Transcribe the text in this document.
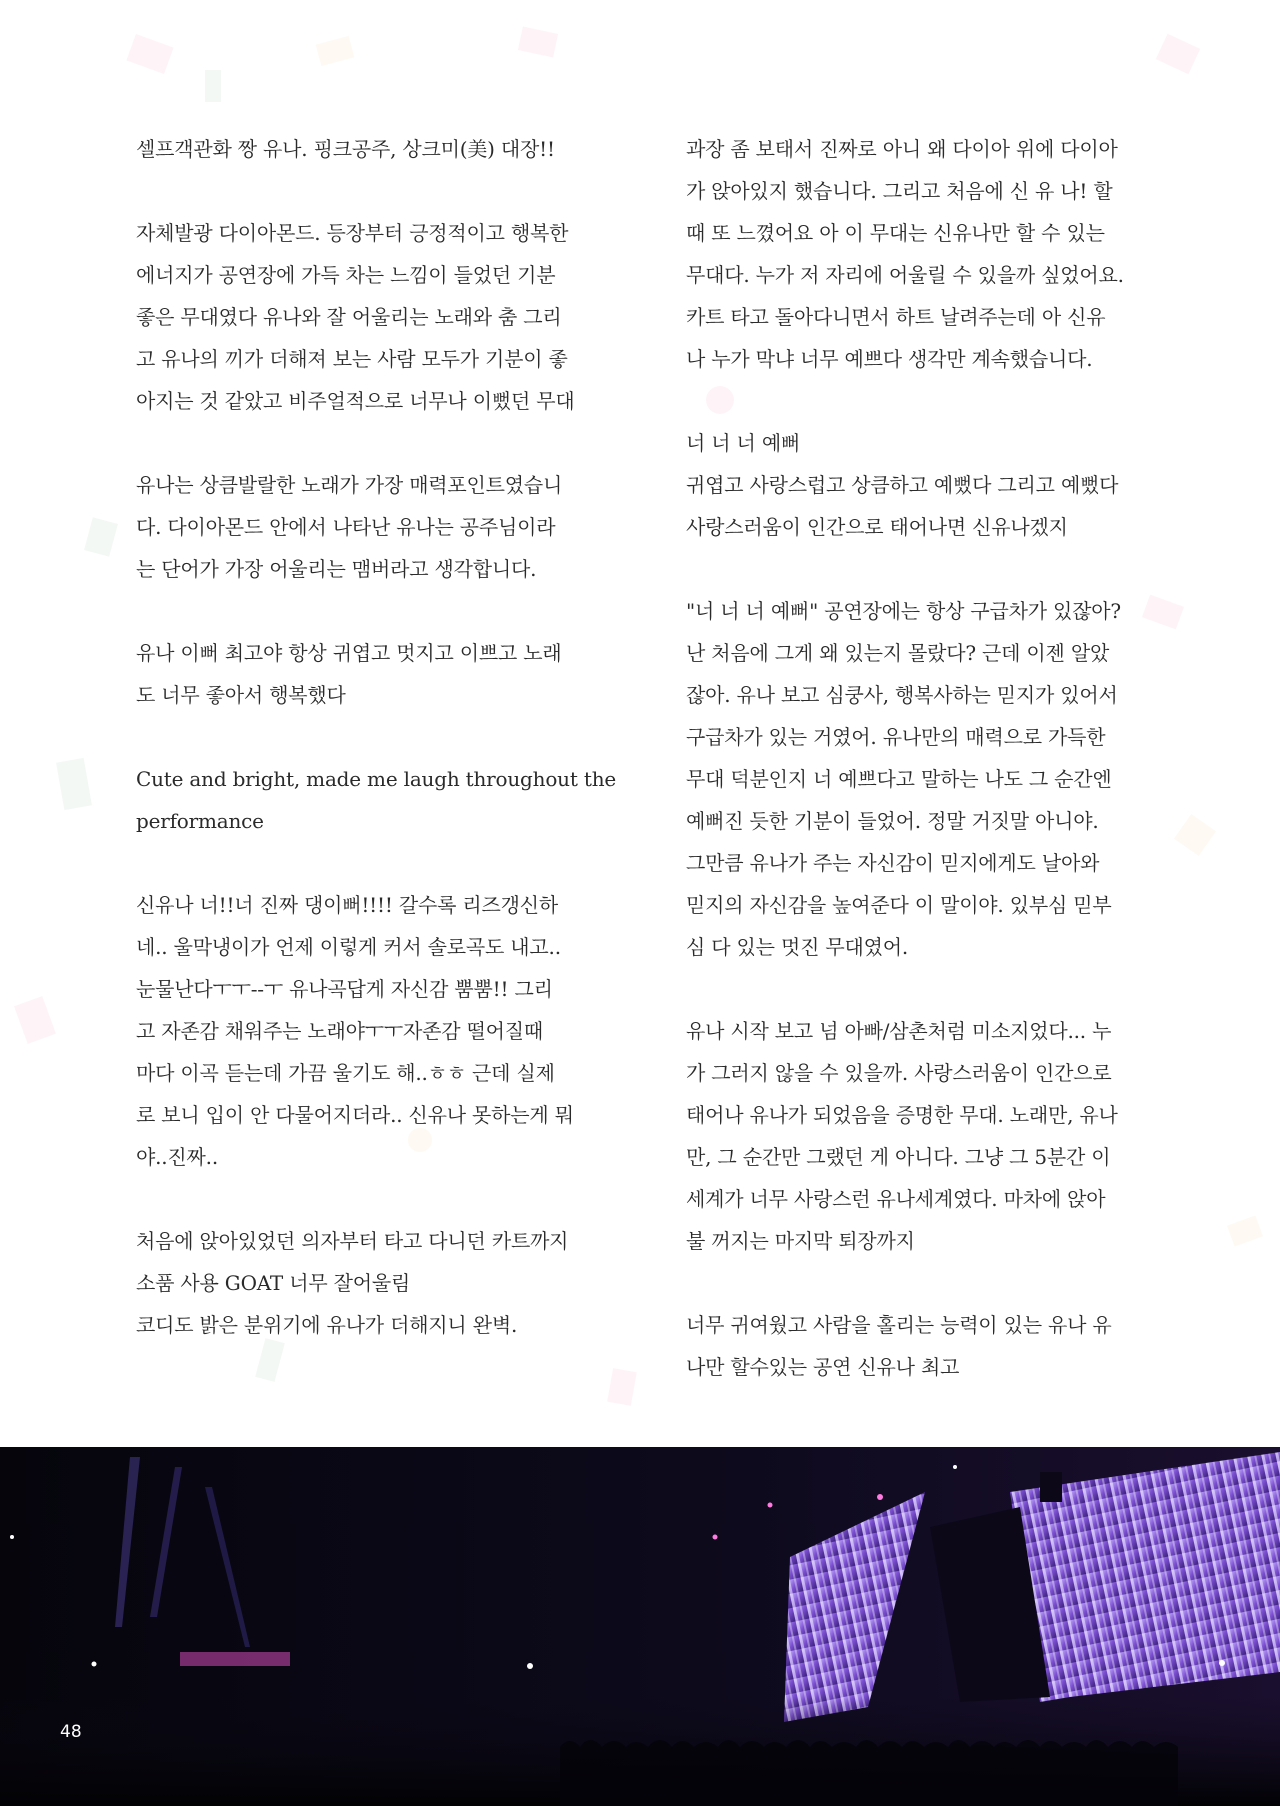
셀프객관화 짱 유나. 핑크공주, 상크미(美) 대장!!
자체발광 다이아몬드. 등장부터 긍정적이고 행복한
에너지가 공연장에 가득 차는 느낌이 들었던 기분
좋은 무대였다 유나와 잘 어울리는 노래와 춤 그리
고 유나의 끼가 더해져 보는 사람 모두가 기분이 좋
아지는 것 같았고 비주얼적으로 너무나 이뻤던 무대
유나는 상큼발랄한 노래가 가장 매력포인트였습니
다. 다이아몬드 안에서 나타난 유나는 공주님이라
는 단어가 가장 어울리는 맴버라고 생각합니다.
유나 이뻐 최고야 항상 귀엽고 멋지고 이쁘고 노래
도 너무 좋아서 행복했다
Cute and bright, made me laugh throughout the
performance
신유나 너!!너 진짜 댕이뻐!!!! 갈수록 리즈갱신하
네.. 울막냉이가 언제 이렇게 커서 솔로곡도 내고..
눈물난다ㅜㅜ--ㅜ 유나곡답게 자신감 뿜뿜!! 그리
고 자존감 채워주는 노래야ㅜㅜ자존감 떨어질때
마다 이곡 듣는데 가끔 울기도 해..ㅎㅎ 근데 실제
로 보니 입이 안 다물어지더라.. 신유나 못하는게 뭐
야..진짜..
처음에 앉아있었던 의자부터 타고 다니던 카트까지
소품 사용 GOAT 너무 잘어울림
코디도 밝은 분위기에 유나가 더해지니 완벽.
과장 좀 보태서 진짜로 아니 왜 다이아 위에 다이아
가 앉아있지 했습니다. 그리고 처음에 신 유 나! 할
때 또 느꼈어요 아 이 무대는 신유나만 할 수 있는
무대다. 누가 저 자리에 어울릴 수 있을까 싶었어요.
카트 타고 돌아다니면서 하트 날려주는데 아 신유
나 누가 막냐 너무 예쁘다 생각만 계속했습니다.
너 너 너 예뻐
귀엽고 사랑스럽고 상큼하고 예뻤다 그리고 예뻤다
사랑스러움이 인간으로 태어나면 신유나겠지
"너 너 너 예뻐" 공연장에는 항상 구급차가 있잖아?
난 처음에 그게 왜 있는지 몰랐다? 근데 이젠 알았
잖아. 유나 보고 심쿵사, 행복사하는 믿지가 있어서
구급차가 있는 거였어. 유나만의 매력으로 가득한
무대 덕분인지 너 예쁘다고 말하는 나도 그 순간엔
예뻐진 듯한 기분이 들었어. 정말 거짓말 아니야.
그만큼 유나가 주는 자신감이 믿지에게도 날아와
믿지의 자신감을 높여준다 이 말이야. 있부심 믿부
심 다 있는 멋진 무대였어.
유나 시작 보고 넘 아빠/삼촌처럼 미소지었다... 누
가 그러지 않을 수 있을까. 사랑스러움이 인간으로
태어나 유나가 되었음을 증명한 무대. 노래만, 유나
만, 그 순간만 그랬던 게 아니다. 그냥 그 5분간 이
세계가 너무 사랑스런 유나세계였다. 마차에 앉아
불 꺼지는 마지막 퇴장까지
너무 귀여웠고 사람을 홀리는 능력이 있는 유나 유
나만 할수있는 공연 신유나 최고
48
